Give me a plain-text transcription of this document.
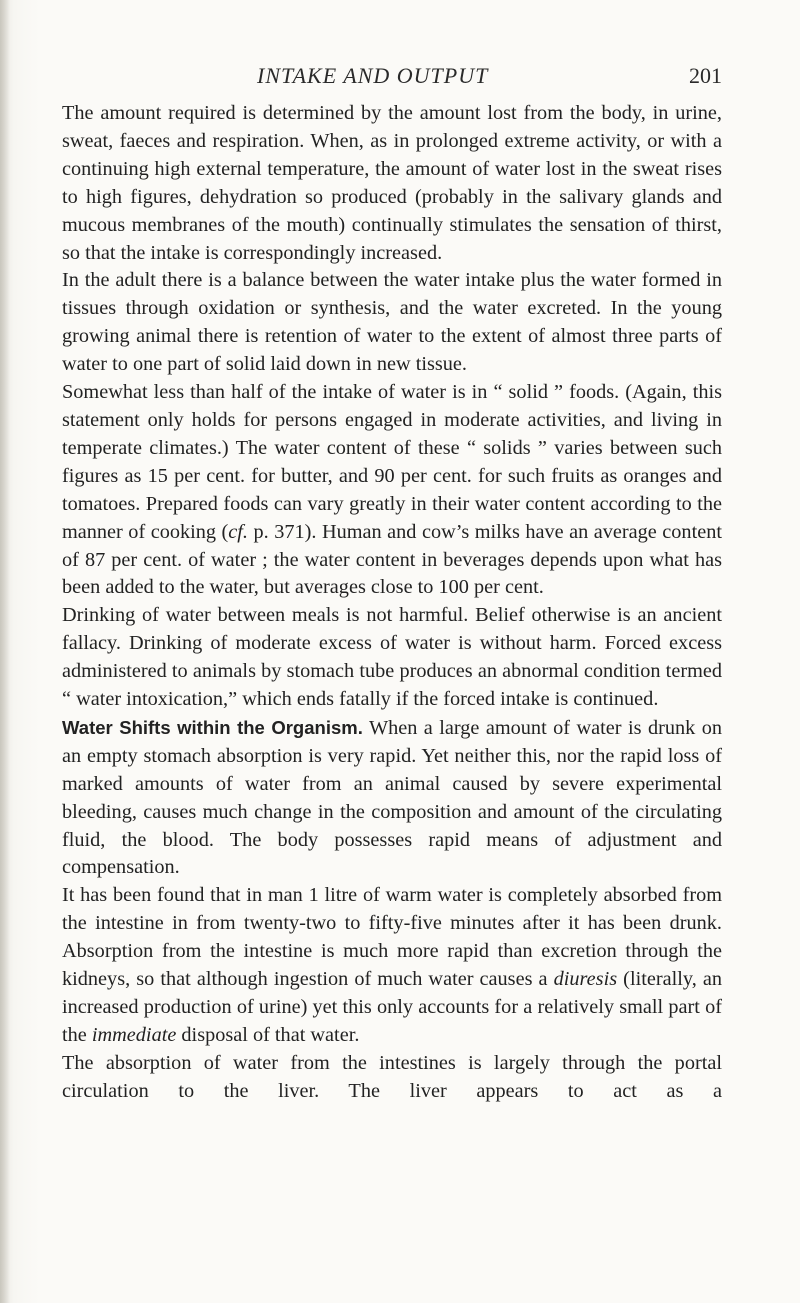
INTAKE AND OUTPUT	201

The amount required is determined by the amount lost from the body, in urine, sweat, faeces and respiration. When, as in prolonged extreme activity, or with a continuing high external temperature, the amount of water lost in the sweat rises to high figures, dehydration so produced (probably in the salivary glands and mucous membranes of the mouth) continually stimulates the sensation of thirst, so that the intake is correspondingly increased.

In the adult there is a balance between the water intake plus the water formed in tissues through oxidation or synthesis, and the water excreted. In the young growing animal there is retention of water to the extent of almost three parts of water to one part of solid laid down in new tissue.

Somewhat less than half of the intake of water is in “ solid ” foods. (Again, this statement only holds for persons engaged in moderate activities, and living in temperate climates.) The water content of these “ solids ” varies between such figures as 15 per cent. for butter, and 90 per cent. for such fruits as oranges and tomatoes. Prepared foods can vary greatly in their water content according to the manner of cooking (cf. p. 371). Human and cow’s milks have an average content of 87 per cent. of water ; the water content in beverages depends upon what has been added to the water, but averages close to 100 per cent.

Drinking of water between meals is not harmful. Belief otherwise is an ancient fallacy. Drinking of moderate excess of water is without harm. Forced excess administered to animals by stomach tube produces an abnormal condition termed “ water intoxication,” which ends fatally if the forced intake is continued.

Water Shifts within the Organism. When a large amount of water is drunk on an empty stomach absorption is very rapid. Yet neither this, nor the rapid loss of marked amounts of water from an animal caused by severe experimental bleeding, causes much change in the composition and amount of the circulating fluid, the blood. The body possesses rapid means of adjustment and compensation.

It has been found that in man 1 litre of warm water is completely absorbed from the intestine in from twenty-two to fifty-five minutes after it has been drunk. Absorption from the intestine is much more rapid than excretion through the kidneys, so that although ingestion of much water causes a diuresis (literally, an increased production of urine) yet this only accounts for a relatively small part of the immediate disposal of that water.

The absorption of water from the intestines is largely through the portal circulation to the liver. The liver appears to act as a
